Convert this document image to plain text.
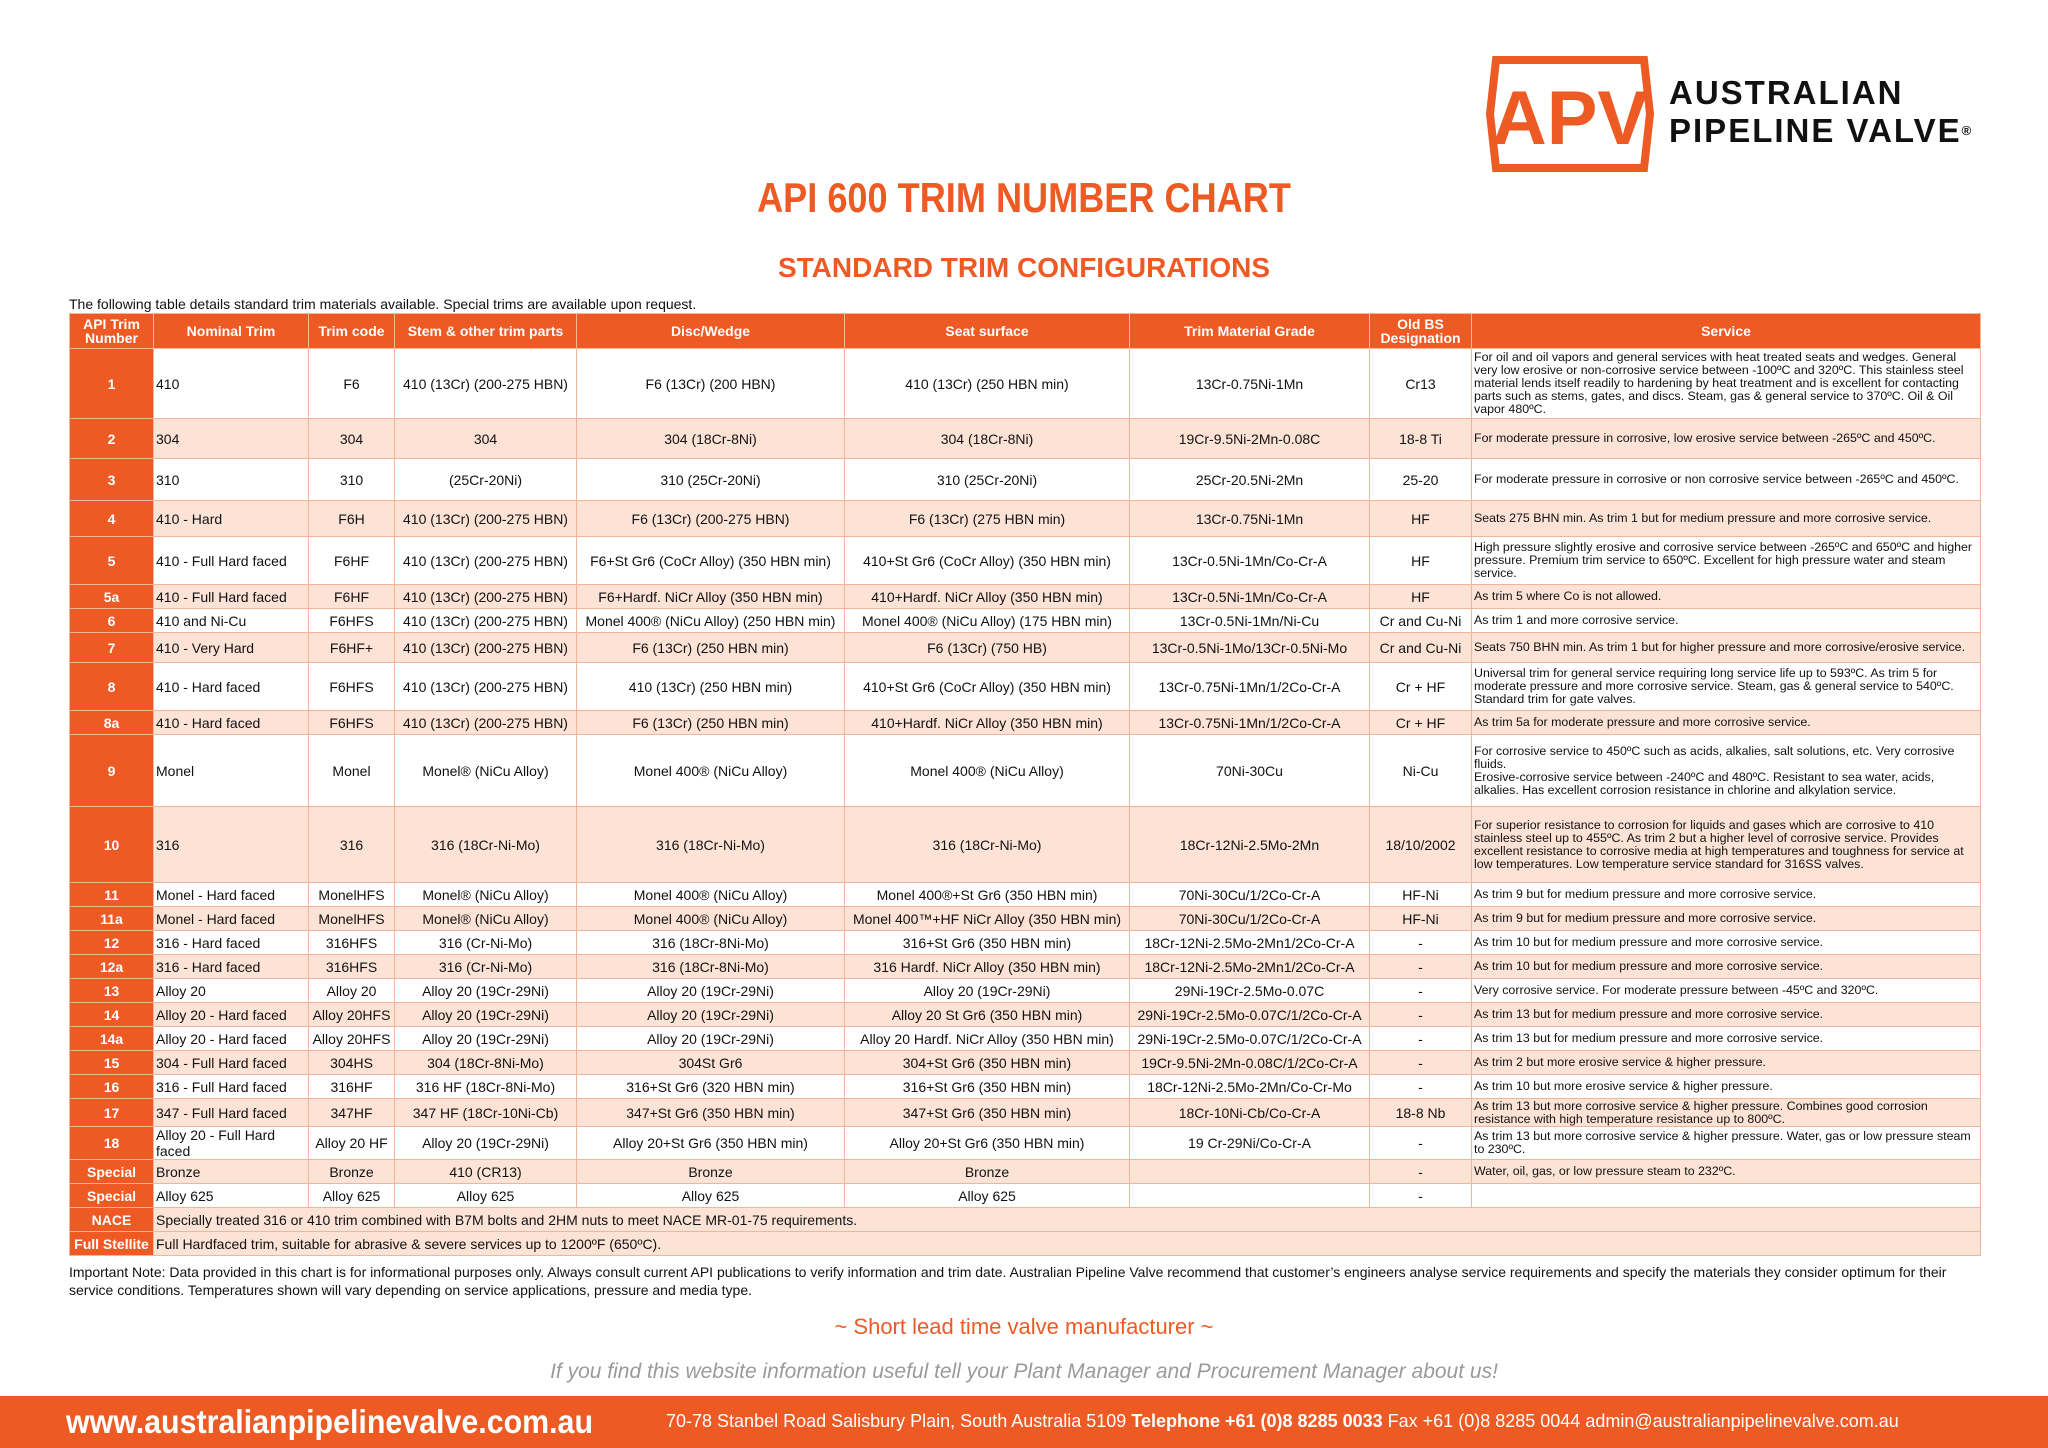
APV AUSTRALIAN
PIPELINE VALVE®
API 600 TRIM NUMBER CHART
STANDARD TRIM CONFIGURATIONS
The following table details standard trim materials available. Special trims are available upon request.
API Trim Number	Nominal Trim	Trim code	Stem & other trim parts	Disc/Wedge	Seat surface	Trim Material Grade	Old BS Designation	Service
1	410	F6	410 (13Cr) (200-275 HBN)	F6 (13Cr) (200 HBN)	410 (13Cr) (250 HBN min)	13Cr-0.75Ni-1Mn	Cr13	For oil and oil vapors and general services with heat treated seats and wedges. General very low erosive or non-corrosive service between -100ºC and 320ºC. This stainless steel material lends itself readily to hardening by heat treatment and is excellent for contacting parts such as stems, gates, and discs. Steam, gas & general service to 370ºC. Oil & Oil vapor 480ºC.
2	304	304	304	304 (18Cr-8Ni)	304 (18Cr-8Ni)	19Cr-9.5Ni-2Mn-0.08C	18-8 Ti	For moderate pressure in corrosive, low erosive service between -265ºC and 450ºC.
3	310	310	(25Cr-20Ni)	310 (25Cr-20Ni)	310 (25Cr-20Ni)	25Cr-20.5Ni-2Mn	25-20	For moderate pressure in corrosive or non corrosive service between -265ºC and 450ºC.
4	410 - Hard	F6H	410 (13Cr) (200-275 HBN)	F6 (13Cr) (200-275 HBN)	F6 (13Cr) (275 HBN min)	13Cr-0.75Ni-1Mn	HF	Seats 275 BHN min. As trim 1 but for medium pressure and more corrosive service.
5	410 - Full Hard faced	F6HF	410 (13Cr) (200-275 HBN)	F6+St Gr6 (CoCr Alloy) (350 HBN min)	410+St Gr6 (CoCr Alloy) (350 HBN min)	13Cr-0.5Ni-1Mn/Co-Cr-A	HF	High pressure slightly erosive and corrosive service between -265ºC and 650ºC and higher pressure. Premium trim service to 650ºC. Excellent for high pressure water and steam service.
5a	410 - Full Hard faced	F6HF	410 (13Cr) (200-275 HBN)	F6+Hardf. NiCr Alloy (350 HBN min)	410+Hardf. NiCr Alloy (350 HBN min)	13Cr-0.5Ni-1Mn/Co-Cr-A	HF	As trim 5 where Co is not allowed.
6	410 and Ni-Cu	F6HFS	410 (13Cr) (200-275 HBN)	Monel 400® (NiCu Alloy) (250 HBN min)	Monel 400® (NiCu Alloy) (175 HBN min)	13Cr-0.5Ni-1Mn/Ni-Cu	Cr and Cu-Ni	As trim 1 and more corrosive service.
7	410 - Very Hard	F6HF+	410 (13Cr) (200-275 HBN)	F6 (13Cr) (250 HBN min)	F6 (13Cr) (750 HB)	13Cr-0.5Ni-1Mo/13Cr-0.5Ni-Mo	Cr and Cu-Ni	Seats 750 BHN min. As trim 1 but for higher pressure and more corrosive/erosive service.
8	410 - Hard faced	F6HFS	410 (13Cr) (200-275 HBN)	410 (13Cr) (250 HBN min)	410+St Gr6 (CoCr Alloy) (350 HBN min)	13Cr-0.75Ni-1Mn/1/2Co-Cr-A	Cr + HF	Universal trim for general service requiring long service life up to 593ºC. As trim 5 for moderate pressure and more corrosive service. Steam, gas & general service to 540ºC. Standard trim for gate valves.
8a	410 - Hard faced	F6HFS	410 (13Cr) (200-275 HBN)	F6 (13Cr) (250 HBN min)	410+Hardf. NiCr Alloy (350 HBN min)	13Cr-0.75Ni-1Mn/1/2Co-Cr-A	Cr + HF	As trim 5a for moderate pressure and more corrosive service.
9	Monel	Monel	Monel® (NiCu Alloy)	Monel 400® (NiCu Alloy)	Monel 400® (NiCu Alloy)	70Ni-30Cu	Ni-Cu	For corrosive service to 450ºC such as acids, alkalies, salt solutions, etc. Very corrosive fluids.
Erosive-corrosive service between -240ºC and 480ºC. Resistant to sea water, acids, alkalies. Has excellent corrosion resistance in chlorine and alkylation service.
10	316	316	316 (18Cr-Ni-Mo)	316 (18Cr-Ni-Mo)	316 (18Cr-Ni-Mo)	18Cr-12Ni-2.5Mo-2Mn	18/10/2002	For superior resistance to corrosion for liquids and gases which are corrosive to 410 stainless steel up to 455ºC. As trim 2 but a higher level of corrosive service. Provides excellent resistance to corrosive media at high temperatures and toughness for service at low temperatures. Low temperature service standard for 316SS valves.
11	Monel - Hard faced	MonelHFS	Monel® (NiCu Alloy)	Monel 400® (NiCu Alloy)	Monel 400®+St Gr6 (350 HBN min)	70Ni-30Cu/1/2Co-Cr-A	HF-Ni	As trim 9 but for medium pressure and more corrosive service.
11a	Monel - Hard faced	MonelHFS	Monel® (NiCu Alloy)	Monel 400® (NiCu Alloy)	Monel 400™+HF NiCr Alloy (350 HBN min)	70Ni-30Cu/1/2Co-Cr-A	HF-Ni	As trim 9 but for medium pressure and more corrosive service.
12	316 - Hard faced	316HFS	316 (Cr-Ni-Mo)	316 (18Cr-8Ni-Mo)	316+St Gr6 (350 HBN min)	18Cr-12Ni-2.5Mo-2Mn1/2Co-Cr-A	-	As trim 10 but for medium pressure and more corrosive service.
12a	316 - Hard faced	316HFS	316 (Cr-Ni-Mo)	316 (18Cr-8Ni-Mo)	316 Hardf. NiCr Alloy (350 HBN min)	18Cr-12Ni-2.5Mo-2Mn1/2Co-Cr-A	-	As trim 10 but for medium pressure and more corrosive service.
13	Alloy 20	Alloy 20	Alloy 20 (19Cr-29Ni)	Alloy 20 (19Cr-29Ni)	Alloy 20 (19Cr-29Ni)	29Ni-19Cr-2.5Mo-0.07C	-	Very corrosive service. For moderate pressure between -45ºC and 320ºC.
14	Alloy 20 - Hard faced	Alloy 20HFS	Alloy 20 (19Cr-29Ni)	Alloy 20 (19Cr-29Ni)	Alloy 20 St Gr6 (350 HBN min)	29Ni-19Cr-2.5Mo-0.07C/1/2Co-Cr-A	-	As trim 13 but for medium pressure and more corrosive service.
14a	Alloy 20 - Hard faced	Alloy 20HFS	Alloy 20 (19Cr-29Ni)	Alloy 20 (19Cr-29Ni)	Alloy 20 Hardf. NiCr Alloy (350 HBN min)	29Ni-19Cr-2.5Mo-0.07C/1/2Co-Cr-A	-	As trim 13 but for medium pressure and more corrosive service.
15	304 - Full Hard faced	304HS	304 (18Cr-8Ni-Mo)	304St Gr6	304+St Gr6 (350 HBN min)	19Cr-9.5Ni-2Mn-0.08C/1/2Co-Cr-A	-	As trim 2 but more erosive service & higher pressure.
16	316 - Full Hard faced	316HF	316 HF (18Cr-8Ni-Mo)	316+St Gr6 (320 HBN min)	316+St Gr6 (350 HBN min)	18Cr-12Ni-2.5Mo-2Mn/Co-Cr-Mo	-	As trim 10 but more erosive service & higher pressure.
17	347 - Full Hard faced	347HF	347 HF (18Cr-10Ni-Cb)	347+St Gr6 (350 HBN min)	347+St Gr6 (350 HBN min)	18Cr-10Ni-Cb/Co-Cr-A	18-8 Nb	As trim 13 but more corrosive service & higher pressure. Combines good corrosion resistance with high temperature resistance up to 800ºC.
18	Alloy 20 - Full Hard faced	Alloy 20 HF	Alloy 20 (19Cr-29Ni)	Alloy 20+St Gr6 (350 HBN min)	Alloy 20+St Gr6 (350 HBN min)	19 Cr-29Ni/Co-Cr-A	-	As trim 13 but more corrosive service & higher pressure. Water, gas or low pressure steam to 230ºC.
Special	Bronze	Bronze	410 (CR13)	Bronze	Bronze		-	Water, oil, gas, or low pressure steam to 232ºC.
Special	Alloy 625	Alloy 625	Alloy 625	Alloy 625	Alloy 625		-	
NACE	Specially treated 316 or 410 trim combined with B7M bolts and 2HM nuts to meet NACE MR-01-75 requirements.							
Full Stellite	Full Hardfaced trim, suitable for abrasive & severe services up to 1200ºF (650ºC).							
Important Note: Data provided in this chart is for informational purposes only. Always consult current API publications to verify information and trim date. Australian Pipeline Valve recommend that customer’s engineers analyse service requirements and specify the materials they consider optimum for their service conditions. Temperatures shown will vary depending on service applications, pressure and media type.
~ Short lead time valve manufacturer ~
If you find this website information useful tell your Plant Manager and Procurement Manager about us!
www.australianpipelinevalve.com.au	70-78 Stanbel Road Salisbury Plain, South Australia 5109 Telephone +61 (0)8 8285 0033 Fax +61 (0)8 8285 0044 admin@australianpipelinevalve.com.au
